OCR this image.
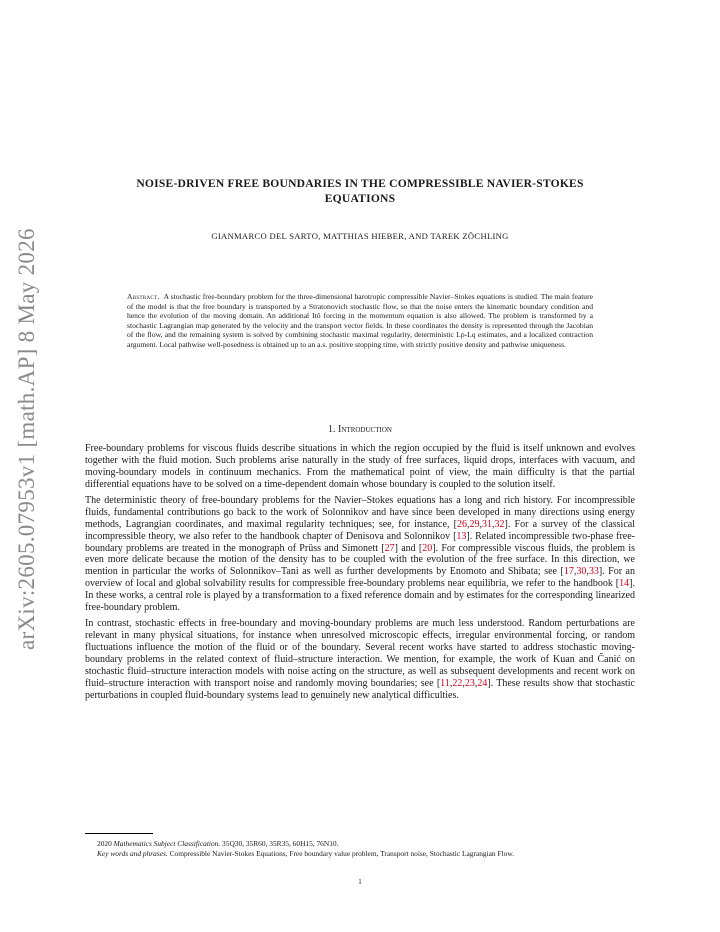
arXiv:2605.07953v1 [math.AP] 8 May 2026
NOISE-DRIVEN FREE BOUNDARIES IN THE COMPRESSIBLE NAVIER-STOKES
EQUATIONS
GIANMARCO DEL SARTO, MATTHIAS HIEBER, AND TAREK ZÖCHLING
Abstract. A stochastic free-boundary problem for the three-dimensional barotropic compressible Navier–Stokes equations is studied. The main feature of the model is that the free boundary is transported by a Stratonovich stochastic flow, so that the noise enters the kinematic boundary condition and hence the evolution of the moving domain. An additional Itô forcing in the momentum equation is also allowed. The problem is transformed by a stochastic Lagrangian map generated by the velocity and the transport vector fields. In these coordinates the density is represented through the Jacobian of the flow, and the remaining system is solved by combining stochastic maximal regularity, deterministic Lp-Lq estimates, and a localized contraction argument. Local pathwise well-posedness is obtained up to an a.s. positive stopping time, with strictly positive density and pathwise uniqueness.
1. Introduction

Free-boundary problems for viscous fluids describe situations in which the region occupied by the fluid is itself unknown and evolves together with the fluid motion. Such problems arise naturally in the study of free surfaces, liquid drops, interfaces with vacuum, and moving-boundary models in continuum mechanics. From the mathematical point of view, the main difficulty is that the partial differential equations have to be solved on a time-dependent domain whose boundary is coupled to the solution itself.

The deterministic theory of free-boundary problems for the Navier–Stokes equations has a long and rich history. For incompressible fluids, fundamental contributions go back to the work of Solonnikov and have since been developed in many directions using energy methods, Lagrangian coordinates, and maximal regularity techniques; see, for instance, [26,29,31,32]. For a survey of the classical incompressible theory, we also refer to the handbook chapter of Denisova and Solonnikov [13]. Related incompressible two-phase free-boundary problems are treated in the monograph of Prüss and Simonett [27] and [20]. For compressible viscous fluids, the problem is even more delicate because the motion of the density has to be coupled with the evolution of the free surface. In this direction, we mention in particular the works of Solonnikov–Tani as well as further developments by Enomoto and Shibata; see [17,30,33]. For an overview of local and global solvability results for compressible free-boundary problems near equilibria, we refer to the handbook [14]. In these works, a central role is played by a transformation to a fixed reference domain and by estimates for the corresponding linearized free-boundary problem.

In contrast, stochastic effects in free-boundary and moving-boundary problems are much less understood. Random perturbations are relevant in many physical situations, for instance when unresolved microscopic effects, irregular environmental forcing, or random fluctuations influence the motion of the fluid or of the boundary. Several recent works have started to address stochastic moving-boundary problems in the related context of fluid–structure interaction. We mention, for example, the work of Kuan and Čanić on stochastic fluid–structure interaction models with noise acting on the structure, as well as subsequent developments and recent work on fluid–structure interaction with transport noise and randomly moving boundaries; see [11,22,23,24]. These results show that stochastic perturbations in coupled fluid-boundary systems lead to genuinely new analytical difficulties.

2020 Mathematics Subject Classification. 35Q30, 35R60, 35R35, 60H15, 76N10.

Key words and phrases. Compressible Navier-Stokes Equations, Free boundary value problem, Transport noise, Stochastic Lagrangian Flow.

1
